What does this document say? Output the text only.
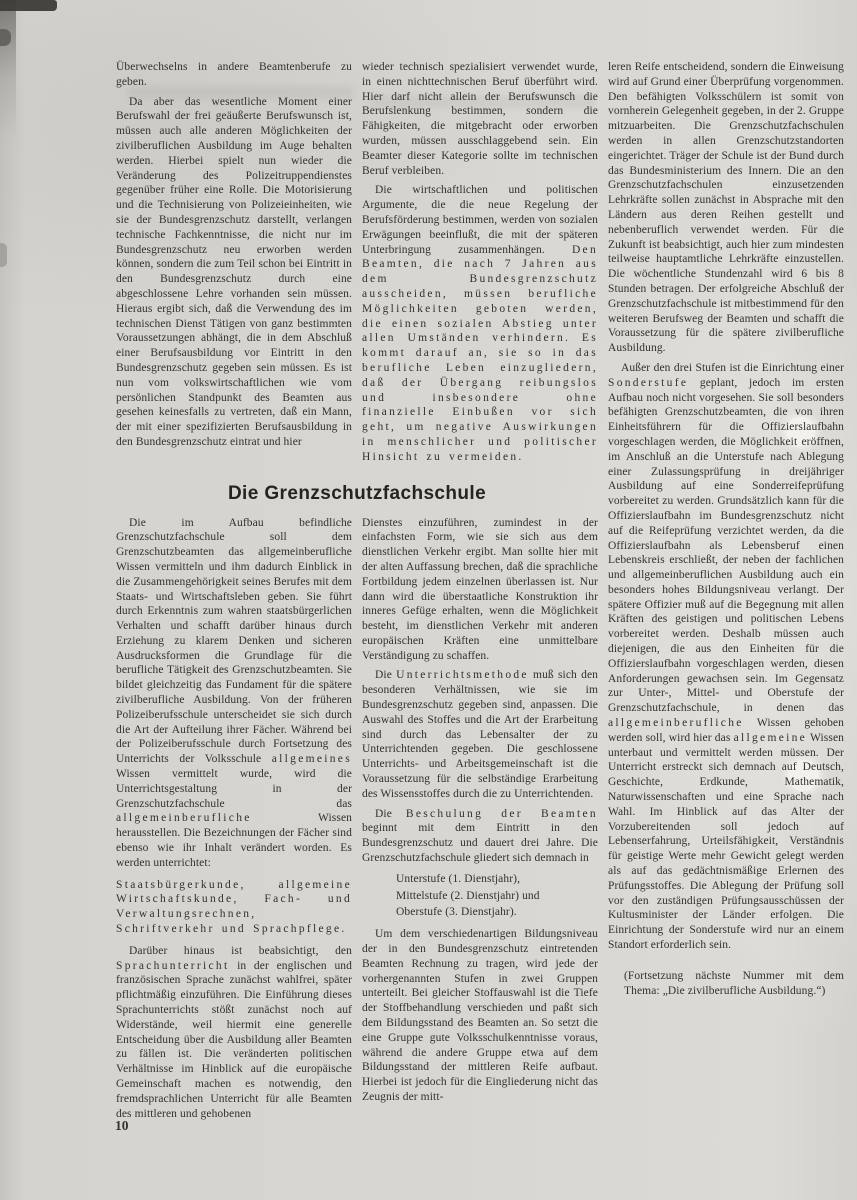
Überwechselns in andere Beamtenberufe zu geben.

Da aber das wesentliche Moment einer Berufswahl der frei geäußerte Berufswunsch ist, müssen auch alle anderen Möglichkeiten der zivilberuflichen Ausbildung im Auge behalten werden. Hierbei spielt nun wieder die Veränderung des Polizeitruppendienstes gegenüber früher eine Rolle. Die Motorisierung und die Technisierung von Polizeieinheiten, wie sie der Bundesgrenzschutz darstellt, verlangen technische Fachkenntnisse, die nicht nur im Bundesgrenzschutz neu erworben werden können, sondern die zum Teil schon bei Eintritt in den Bundesgrenzschutz durch eine abgeschlossene Lehre vorhanden sein müssen. Hieraus ergibt sich, daß die Verwendung des im technischen Dienst Tätigen von ganz bestimmten Voraussetzungen abhängt, die in dem Abschluß einer Berufsausbildung vor Eintritt in den Bundesgrenzschutz gegeben sein müssen. Es ist nun vom volkswirtschaftlichen wie vom persönlichen Standpunkt des Beamten aus gesehen keinesfalls zu vertreten, daß ein Mann, der mit einer spezifizierten Berufsausbildung in den Bundesgrenzschutz eintrat und hier

wieder technisch spezialisiert verwendet wurde, in einen nichttechnischen Beruf überführt wird. Hier darf nicht allein der Berufswunsch die Berufslenkung bestimmen, sondern die Fähigkeiten, die mitgebracht oder erworben wurden, müssen ausschlaggebend sein. Ein Beamter dieser Kategorie sollte im technischen Beruf verbleiben.

Die wirtschaftlichen und politischen Argumente, die die neue Regelung der Berufsförderung bestimmen, werden von sozialen Erwägungen beeinflußt, die mit der späteren Unterbringung zusammenhängen. Den Beamten, die nach 7 Jahren aus dem Bundesgrenzschutz ausscheiden, müssen berufliche Möglichkeiten geboten werden, die einen sozialen Abstieg unter allen Umständen verhindern. Es kommt darauf an, sie so in das berufliche Leben einzugliedern, daß der Übergang reibungslos und insbesondere ohne finanzielle Einbußen vor sich geht, um negative Auswirkungen in menschlicher und politischer Hinsicht zu vermeiden.

Die Grenzschutzfachschule

Die im Aufbau befindliche Grenzschutzfachschule soll dem Grenzschutzbeamten das allgemeinberufliche Wissen vermitteln und ihm dadurch Einblick in die Zusammengehörigkeit seines Berufes mit dem Staats- und Wirtschaftsleben geben. Sie führt durch Erkenntnis zum wahren staatsbürgerlichen Verhalten und schafft darüber hinaus durch Erziehung zu klarem Denken und sicheren Ausdrucksformen die Grundlage für die berufliche Tätigkeit des Grenzschutzbeamten. Sie bildet gleichzeitig das Fundament für die spätere zivilberufliche Ausbildung. Von der früheren Polizeiberufsschule unterscheidet sie sich durch die Art der Aufteilung ihrer Fächer. Während bei der Polizeiberufsschule durch Fortsetzung des Unterrichts der Volksschule allgemeines Wissen vermittelt wurde, wird die Unterrichtsgestaltung in der Grenzschutzfachschule das allgemeinberufliche Wissen herausstellen. Die Bezeichnungen der Fächer sind ebenso wie ihr Inhalt verändert worden. Es werden unterrichtet:

Staatsbürgerkunde, allgemeine Wirtschaftskunde, Fach- und Verwaltungsrechnen, Schriftverkehr und Sprachpflege.

Darüber hinaus ist beabsichtigt, den Sprachunterricht in der englischen und französischen Sprache zunächst wahlfrei, später pflichtmäßig einzuführen. Die Einführung dieses Sprachunterrichts stößt zunächst noch auf Widerstände, weil hiermit eine generelle Entscheidung über die Ausbildung aller Beamten zu fällen ist. Die veränderten politischen Verhältnisse im Hinblick auf die europäische Gemeinschaft machen es notwendig, den fremdsprachlichen Unterricht für alle Beamten des mittleren und gehobenen

Dienstes einzuführen, zumindest in der einfachsten Form, wie sie sich aus dem dienstlichen Verkehr ergibt. Man sollte hier mit der alten Auffassung brechen, daß die sprachliche Fortbildung jedem einzelnen überlassen ist. Nur dann wird die überstaatliche Konstruktion ihr inneres Gefüge erhalten, wenn die Möglichkeit besteht, im dienstlichen Verkehr mit anderen europäischen Kräften eine unmittelbare Verständigung zu schaffen.

Die Unterrichtsmethode muß sich den besonderen Verhältnissen, wie sie im Bundesgrenzschutz gegeben sind, anpassen. Die Auswahl des Stoffes und die Art der Erarbeitung sind durch das Lebensalter der zu Unterrichtenden gegeben. Die geschlossene Unterrichts- und Arbeitsgemeinschaft ist die Voraussetzung für die selbständige Erarbeitung des Wissensstoffes durch die zu Unterrichtenden.

Die Beschulung der Beamten beginnt mit dem Eintritt in den Bundesgrenzschutz und dauert drei Jahre. Die Grenzschutzfachschule gliedert sich demnach in

Unterstufe (1. Dienstjahr),

Mittelstufe (2. Dienstjahr) und

Oberstufe (3. Dienstjahr).

Um dem verschiedenartigen Bildungsniveau der in den Bundesgrenzschutz eintretenden Beamten Rechnung zu tragen, wird jede der vorhergenannten Stufen in zwei Gruppen unterteilt. Bei gleicher Stoffauswahl ist die Tiefe der Stoffbehandlung verschieden und paßt sich dem Bildungsstand des Beamten an. So setzt die eine Gruppe gute Volksschulkenntnisse voraus, während die andere Gruppe etwa auf dem Bildungsstand der mittleren Reife aufbaut. Hierbei ist jedoch für die Eingliederung nicht das Zeugnis der mitt-

leren Reife entscheidend, sondern die Einweisung wird auf Grund einer Überprüfung vorgenommen. Den befähigten Volksschülern ist somit von vornherein Gelegenheit gegeben, in der 2. Gruppe mitzuarbeiten. Die Grenzschutzfachschulen werden in allen Grenzschutzstandorten eingerichtet. Träger der Schule ist der Bund durch das Bundesministerium des Innern. Die an den Grenzschutzfachschulen einzusetzenden Lehrkräfte sollen zunächst in Absprache mit den Ländern aus deren Reihen gestellt und nebenberuflich verwendet werden. Für die Zukunft ist beabsichtigt, auch hier zum mindesten teilweise hauptamtliche Lehrkräfte einzustellen. Die wöchentliche Stundenzahl wird 6 bis 8 Stunden betragen. Der erfolgreiche Abschluß der Grenzschutzfachschule ist mitbestimmend für den weiteren Berufsweg der Beamten und schafft die Voraussetzung für die spätere zivilberufliche Ausbildung.

Außer den drei Stufen ist die Einrichtung einer Sonderstufe geplant, jedoch im ersten Aufbau noch nicht vorgesehen. Sie soll besonders befähigten Grenzschutzbeamten, die von ihren Einheitsführern für die Offizierslaufbahn vorgeschlagen werden, die Möglichkeit eröffnen, im Anschluß an die Unterstufe nach Ablegung einer Zulassungsprüfung in dreijähriger Ausbildung auf eine Sonderreifeprüfung vorbereitet zu werden. Grundsätzlich kann für die Offizierslaufbahn im Bundesgrenzschutz nicht auf die Reifeprüfung verzichtet werden, da die Offizierslaufbahn als Lebensberuf einen Lebenskreis erschließt, der neben der fachlichen und allgemeinberuflichen Ausbildung auch ein besonders hohes Bildungsniveau verlangt. Der spätere Offizier muß auf die Begegnung mit allen Kräften des geistigen und politischen Lebens vorbereitet werden. Deshalb müssen auch diejenigen, die aus den Einheiten für die Offizierslaufbahn vorgeschlagen werden, diesen Anforderungen gewachsen sein. Im Gegensatz zur Unter-, Mittel- und Oberstufe der Grenzschutzfachschule, in denen das allgemeinberufliche Wissen gehoben werden soll, wird hier das allgemeine Wissen unterbaut und vermittelt werden müssen. Der Unterricht erstreckt sich demnach auf Deutsch, Geschichte, Erdkunde, Mathematik, Naturwissenschaften und eine Sprache nach Wahl. Im Hinblick auf das Alter der Vorzubereitenden soll jedoch auf Lebenserfahrung, Urteilsfähigkeit, Verständnis für geistige Werte mehr Gewicht gelegt werden als auf das gedächtnismäßige Erlernen des Prüfungsstoffes. Die Ablegung der Prüfung soll vor den zuständigen Prüfungsausschüssen der Kultusminister der Länder erfolgen. Die Einrichtung der Sonderstufe wird nur an einem Standort erforderlich sein.

(Fortsetzung nächste Nummer mit dem Thema: „Die zivilberufliche Ausbildung.“)

10
